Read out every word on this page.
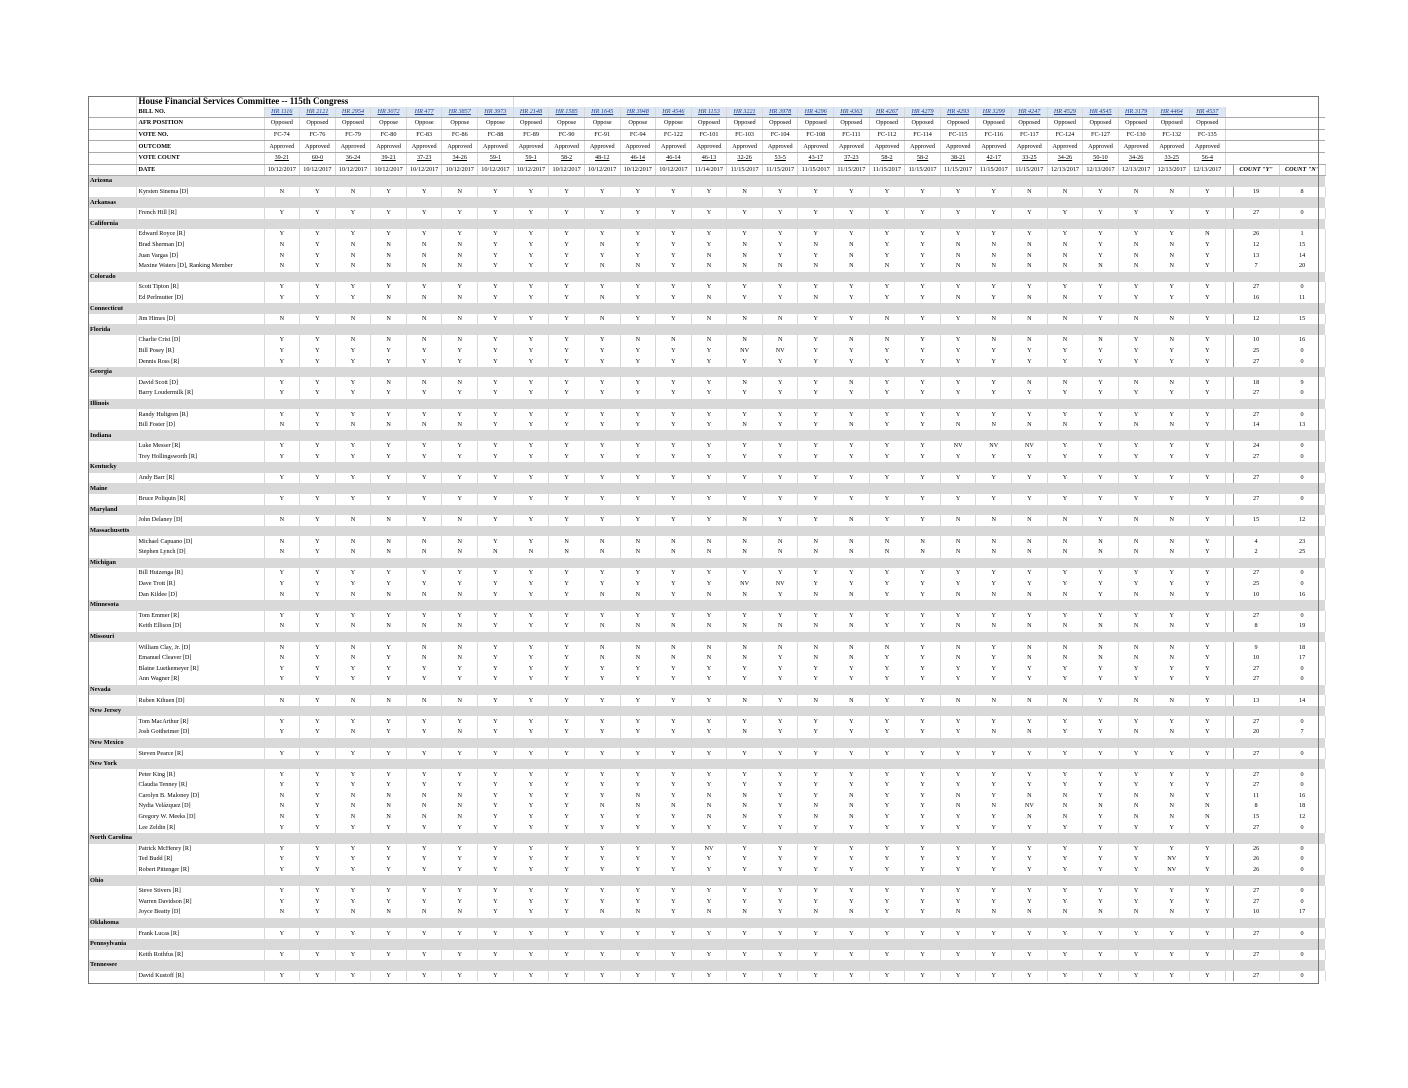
	House Financial Services Committee -- 115th Congress																														
	BILL NO.	HR 1116	HR 2121	HR 2954	HR 3072	HR 477	HR 3857	HR 3973	HR 2148	HR 1585	HR 1645	HR 3948	HR 4546	HR 1153	HR 3221	HR 3978	HR 4296	HR 4363	HR 4267	HR 4279	HR 4293	HR 3299	HR 4247	HR 4529	HR 4545	HR 3179	HR 4464	HR 4537			
	AFR POSITION	Opposed	Opposed	Opposed	Oppose	Oppose	Oppose	Oppose	Opposed	Oppose	Oppose	Oppose	Oppose	Opposed	Opposed	Opposed	Opposed	Opposed	Opposed	Opposed	Opposed	Opposed	Opposed	Opposed	Opposed	Opposed	Opposed	Opposed			
	VOTE NO.	FC-74	FC-76	FC-79	FC-80	FC-83	FC-86	FC-88	FC-89	FC-90	FC-91	FC-94	FC-122	FC-101	FC-103	FC-104	FC-108	FC-111	FC-112	FC-114	FC-115	FC-116	FC-117	FC-124	FC-127	FC-130	FC-132	FC-135			
	OUTCOME	Approved	Approved	Approved	Approved	Approved	Approved	Approved	Approved	Approved	Approved	Approved	Approved	Approved	Approved	Approved	Approved	Approved	Approved	Approved	Approved	Approved	Approved	Approved	Approved	Approved	Approved	Approved			
	VOTE COUNT	39-21	60-0	36-24	39-21	37-23	34-26	59-1	59-1	58-2	48-12	46-14	46-14	46-13	32-26	53-5	43-17	37-23	58-2	58-2	38-21	42-17	33-25	34-26	50-10	34-26	33-25	56-4			
	DATE	10/12/2017	10/12/2017	10/12/2017	10/12/2017	10/12/2017	10/12/2017	10/12/2017	10/12/2017	10/12/2017	10/12/2017	10/12/2017	10/12/2017	11/14/2017	11/15/2017	11/15/2017	11/15/2017	11/15/2017	11/15/2017	11/15/2017	11/15/2017	11/15/2017	11/15/2017	12/13/2017	12/13/2017	12/13/2017	12/13/2017	12/13/2017		COUNT "Y"	COUNT "N"
Arizona																															
	Kyrsten Sinema [D]	N	Y	N	Y	Y	N	Y	Y	Y	Y	Y	Y	Y	N	Y	Y	Y	Y	Y	Y	Y	N	N	Y	N	N	Y		19	8
Arkansas																															
	French Hill [R]	Y	Y	Y	Y	Y	Y	Y	Y	Y	Y	Y	Y	Y	Y	Y	Y	Y	Y	Y	Y	Y	Y	Y	Y	Y	Y	Y		27	0
California																															
	Edward Royce [R]	Y	Y	Y	Y	Y	Y	Y	Y	Y	Y	Y	Y	Y	Y	Y	Y	Y	Y	Y	Y	Y	Y	Y	Y	Y	Y	N		26	1
	Brad Sherman [D]	N	Y	N	N	N	N	Y	Y	Y	N	Y	Y	Y	N	Y	N	N	Y	Y	N	N	N	N	Y	N	N	Y		12	15
	Juan Vargas [D]	N	Y	N	N	N	N	Y	Y	Y	Y	Y	Y	N	N	Y	Y	N	Y	Y	N	N	N	N	Y	N	N	Y		13	14
	Maxine Waters [D], Ranking Member	N	Y	N	N	N	N	Y	Y	Y	N	N	Y	N	N	N	N	N	N	Y	N	N	N	N	N	N	N	Y		7	20
Colorado																															
	Scott Tipton [R]	Y	Y	Y	Y	Y	Y	Y	Y	Y	Y	Y	Y	Y	Y	Y	Y	Y	Y	Y	Y	Y	Y	Y	Y	Y	Y	Y		27	0
	Ed Perlmutter [D]	Y	Y	Y	N	N	N	Y	Y	Y	N	Y	Y	N	Y	Y	N	Y	Y	Y	N	Y	N	N	Y	Y	Y	Y		16	11
Connecticut																															
	Jim Himes [D]	N	Y	N	N	N	N	Y	Y	Y	N	Y	Y	N	N	N	Y	Y	N	Y	Y	N	N	N	Y	N	N	Y		12	15
Florida																															
	Charlie Crist [D]	Y	Y	N	N	N	N	Y	Y	Y	Y	N	N	N	N	N	Y	N	N	Y	Y	N	N	N	N	Y	N	Y		10	16
	Bill Posey [R]	Y	Y	Y	Y	Y	Y	Y	Y	Y	Y	Y	Y	Y	NV	NV	Y	Y	Y	Y	Y	Y	Y	Y	Y	Y	Y	Y		25	0
	Dennis Ross [R]	Y	Y	Y	Y	Y	Y	Y	Y	Y	Y	Y	Y	Y	Y	Y	Y	Y	Y	Y	Y	Y	Y	Y	Y	Y	Y	Y		27	0
Georgia																															
	David Scott [D]	Y	Y	Y	N	N	N	Y	Y	Y	Y	Y	Y	Y	N	Y	Y	N	Y	Y	Y	Y	N	N	Y	N	N	Y		18	9
	Barry Loudermilk [R]	Y	Y	Y	Y	Y	Y	Y	Y	Y	Y	Y	Y	Y	Y	Y	Y	Y	Y	Y	Y	Y	Y	Y	Y	Y	Y	Y		27	0
Illinois																															
	Randy Hultgren [R]	Y	Y	Y	Y	Y	Y	Y	Y	Y	Y	Y	Y	Y	Y	Y	Y	Y	Y	Y	Y	Y	Y	Y	Y	Y	Y	Y		27	0
	Bill Foster [D]	N	Y	N	N	N	N	Y	Y	Y	Y	Y	Y	Y	N	Y	Y	N	Y	Y	N	N	N	N	Y	N	N	Y		14	13
Indiana																															
	Luke Messer [R]	Y	Y	Y	Y	Y	Y	Y	Y	Y	Y	Y	Y	Y	Y	Y	Y	Y	Y	Y	NV	NV	NV	Y	Y	Y	Y	Y		24	0
	Trey Hollingsworth [R]	Y	Y	Y	Y	Y	Y	Y	Y	Y	Y	Y	Y	Y	Y	Y	Y	Y	Y	Y	Y	Y	Y	Y	Y	Y	Y	Y		27	0
Kentucky																															
	Andy Barr [R]	Y	Y	Y	Y	Y	Y	Y	Y	Y	Y	Y	Y	Y	Y	Y	Y	Y	Y	Y	Y	Y	Y	Y	Y	Y	Y	Y		27	0
Maine																															
	Bruce Poliquin [R]	Y	Y	Y	Y	Y	Y	Y	Y	Y	Y	Y	Y	Y	Y	Y	Y	Y	Y	Y	Y	Y	Y	Y	Y	Y	Y	Y		27	0
Maryland																															
	John Delaney [D]	N	Y	N	N	Y	N	Y	Y	Y	Y	Y	Y	Y	N	Y	Y	N	Y	Y	N	N	N	N	Y	N	N	Y		15	12
Massachusetts																															
	Michael Capuano [D]	N	Y	N	N	N	N	Y	Y	N	N	N	N	N	N	N	N	N	N	N	N	N	N	N	N	N	N	Y		4	23
	Stephen Lynch [D]	N	Y	N	N	N	N	N	N	N	N	N	N	N	N	N	N	N	N	N	N	N	N	N	N	N	N	Y		2	25
Michigan																															
	Bill Huizenga [R]	Y	Y	Y	Y	Y	Y	Y	Y	Y	Y	Y	Y	Y	Y	Y	Y	Y	Y	Y	Y	Y	Y	Y	Y	Y	Y	Y		27	0
	Dave Trott [R]	Y	Y	Y	Y	Y	Y	Y	Y	Y	Y	Y	Y	Y	NV	NV	Y	Y	Y	Y	Y	Y	Y	Y	Y	Y	Y	Y		25	0
	Dan Kildee [D]	N	Y	N	N	N	N	Y	Y	Y	N	N	Y	N	N	Y	N	N	Y	Y	N	N	N	N	Y	N	N	Y		10	16
Minnesota																															
	Tom Emmer [R]	Y	Y	Y	Y	Y	Y	Y	Y	Y	Y	Y	Y	Y	Y	Y	Y	Y	Y	Y	Y	Y	Y	Y	Y	Y	Y	Y		27	0
	Keith Ellison [D]	N	Y	N	N	N	N	Y	Y	Y	N	N	N	N	N	N	N	N	Y	Y	N	N	N	N	N	N	N	Y		8	19
Missouri																															
	William Clay, Jr. [D]	N	Y	N	Y	N	N	Y	Y	Y	N	N	N	N	N	N	N	N	N	Y	N	Y	N	N	N	N	N	Y		9	18
	Emanuel Cleaver [D]	N	Y	N	Y	N	N	Y	Y	Y	N	N	N	N	N	Y	N	N	Y	Y	N	Y	N	N	N	N	N	Y		10	17
	Blaine Luetkemeyer [R]	Y	Y	Y	Y	Y	Y	Y	Y	Y	Y	Y	Y	Y	Y	Y	Y	Y	Y	Y	Y	Y	Y	Y	Y	Y	Y	Y		27	0
	Ann Wagner [R]	Y	Y	Y	Y	Y	Y	Y	Y	Y	Y	Y	Y	Y	Y	Y	Y	Y	Y	Y	Y	Y	Y	Y	Y	Y	Y	Y		27	0
Nevada																															
	Ruben Kihuen [D]	N	Y	N	N	N	N	Y	Y	Y	Y	Y	Y	Y	N	Y	N	N	Y	Y	N	N	N	N	Y	N	N	Y		13	14
New Jersey																															
	Tom MacArthur [R]	Y	Y	Y	Y	Y	Y	Y	Y	Y	Y	Y	Y	Y	Y	Y	Y	Y	Y	Y	Y	Y	Y	Y	Y	Y	Y	Y		27	0
	Josh Gottheimer [D]	Y	Y	N	Y	Y	N	Y	Y	Y	Y	Y	Y	Y	N	Y	Y	Y	Y	Y	Y	N	N	Y	Y	N	N	Y		20	7
New Mexico																															
	Steven Pearce [R]	Y	Y	Y	Y	Y	Y	Y	Y	Y	Y	Y	Y	Y	Y	Y	Y	Y	Y	Y	Y	Y	Y	Y	Y	Y	Y	Y		27	0
New York																															
	Peter King [R]	Y	Y	Y	Y	Y	Y	Y	Y	Y	Y	Y	Y	Y	Y	Y	Y	Y	Y	Y	Y	Y	Y	Y	Y	Y	Y	Y		27	0
	Claudia Tenney [R]	Y	Y	Y	Y	Y	Y	Y	Y	Y	Y	Y	Y	Y	Y	Y	Y	Y	Y	Y	Y	Y	Y	Y	Y	Y	Y	Y		27	0
	Carolyn B. Maloney [D]	N	Y	N	N	N	N	Y	Y	Y	Y	N	Y	N	N	Y	Y	N	Y	Y	N	Y	N	N	Y	N	N	Y		11	16
	Nydia Velázquez [D]	N	Y	N	N	N	N	Y	Y	Y	N	N	N	N	N	Y	N	N	Y	Y	N	N	NV	N	N	N	N	N		8	18
	Gregory W. Meeks [D]	N	Y	N	N	N	N	Y	Y	Y	Y	Y	Y	N	N	Y	N	N	Y	Y	Y	Y	N	N	Y	N	N	N		15	12
	Lee Zeldin [R]	Y	Y	Y	Y	Y	Y	Y	Y	Y	Y	Y	Y	Y	Y	Y	Y	Y	Y	Y	Y	Y	Y	Y	Y	Y	Y	Y		27	0
North Carolina																															
	Patrick McHenry [R]	Y	Y	Y	Y	Y	Y	Y	Y	Y	Y	Y	Y	NV	Y	Y	Y	Y	Y	Y	Y	Y	Y	Y	Y	Y	Y	Y		26	0
	Ted Budd [R]	Y	Y	Y	Y	Y	Y	Y	Y	Y	Y	Y	Y	Y	Y	Y	Y	Y	Y	Y	Y	Y	Y	Y	Y	Y	NV	Y		26	0
	Robert Pittenger [R]	Y	Y	Y	Y	Y	Y	Y	Y	Y	Y	Y	Y	Y	Y	Y	Y	Y	Y	Y	Y	Y	Y	Y	Y	Y	NV	Y		26	0
Ohio																															
	Steve Stivers [R]	Y	Y	Y	Y	Y	Y	Y	Y	Y	Y	Y	Y	Y	Y	Y	Y	Y	Y	Y	Y	Y	Y	Y	Y	Y	Y	Y		27	0
	Warren Davidson [R]	Y	Y	Y	Y	Y	Y	Y	Y	Y	Y	Y	Y	Y	Y	Y	Y	Y	Y	Y	Y	Y	Y	Y	Y	Y	Y	Y		27	0
	Joyce Beatty [D]	N	Y	N	N	N	N	Y	Y	Y	N	N	Y	N	N	Y	N	N	Y	Y	N	N	N	N	N	N	N	Y		10	17
Oklahoma																															
	Frank Lucas [R]	Y	Y	Y	Y	Y	Y	Y	Y	Y	Y	Y	Y	Y	Y	Y	Y	Y	Y	Y	Y	Y	Y	Y	Y	Y	Y	Y		27	0
Pennsylvania																															
	Keith Rothfus [R]	Y	Y	Y	Y	Y	Y	Y	Y	Y	Y	Y	Y	Y	Y	Y	Y	Y	Y	Y	Y	Y	Y	Y	Y	Y	Y	Y		27	0
Tennessee																															
	David Kustoff [R]	Y	Y	Y	Y	Y	Y	Y	Y	Y	Y	Y	Y	Y	Y	Y	Y	Y	Y	Y	Y	Y	Y	Y	Y	Y	Y	Y		27	0
